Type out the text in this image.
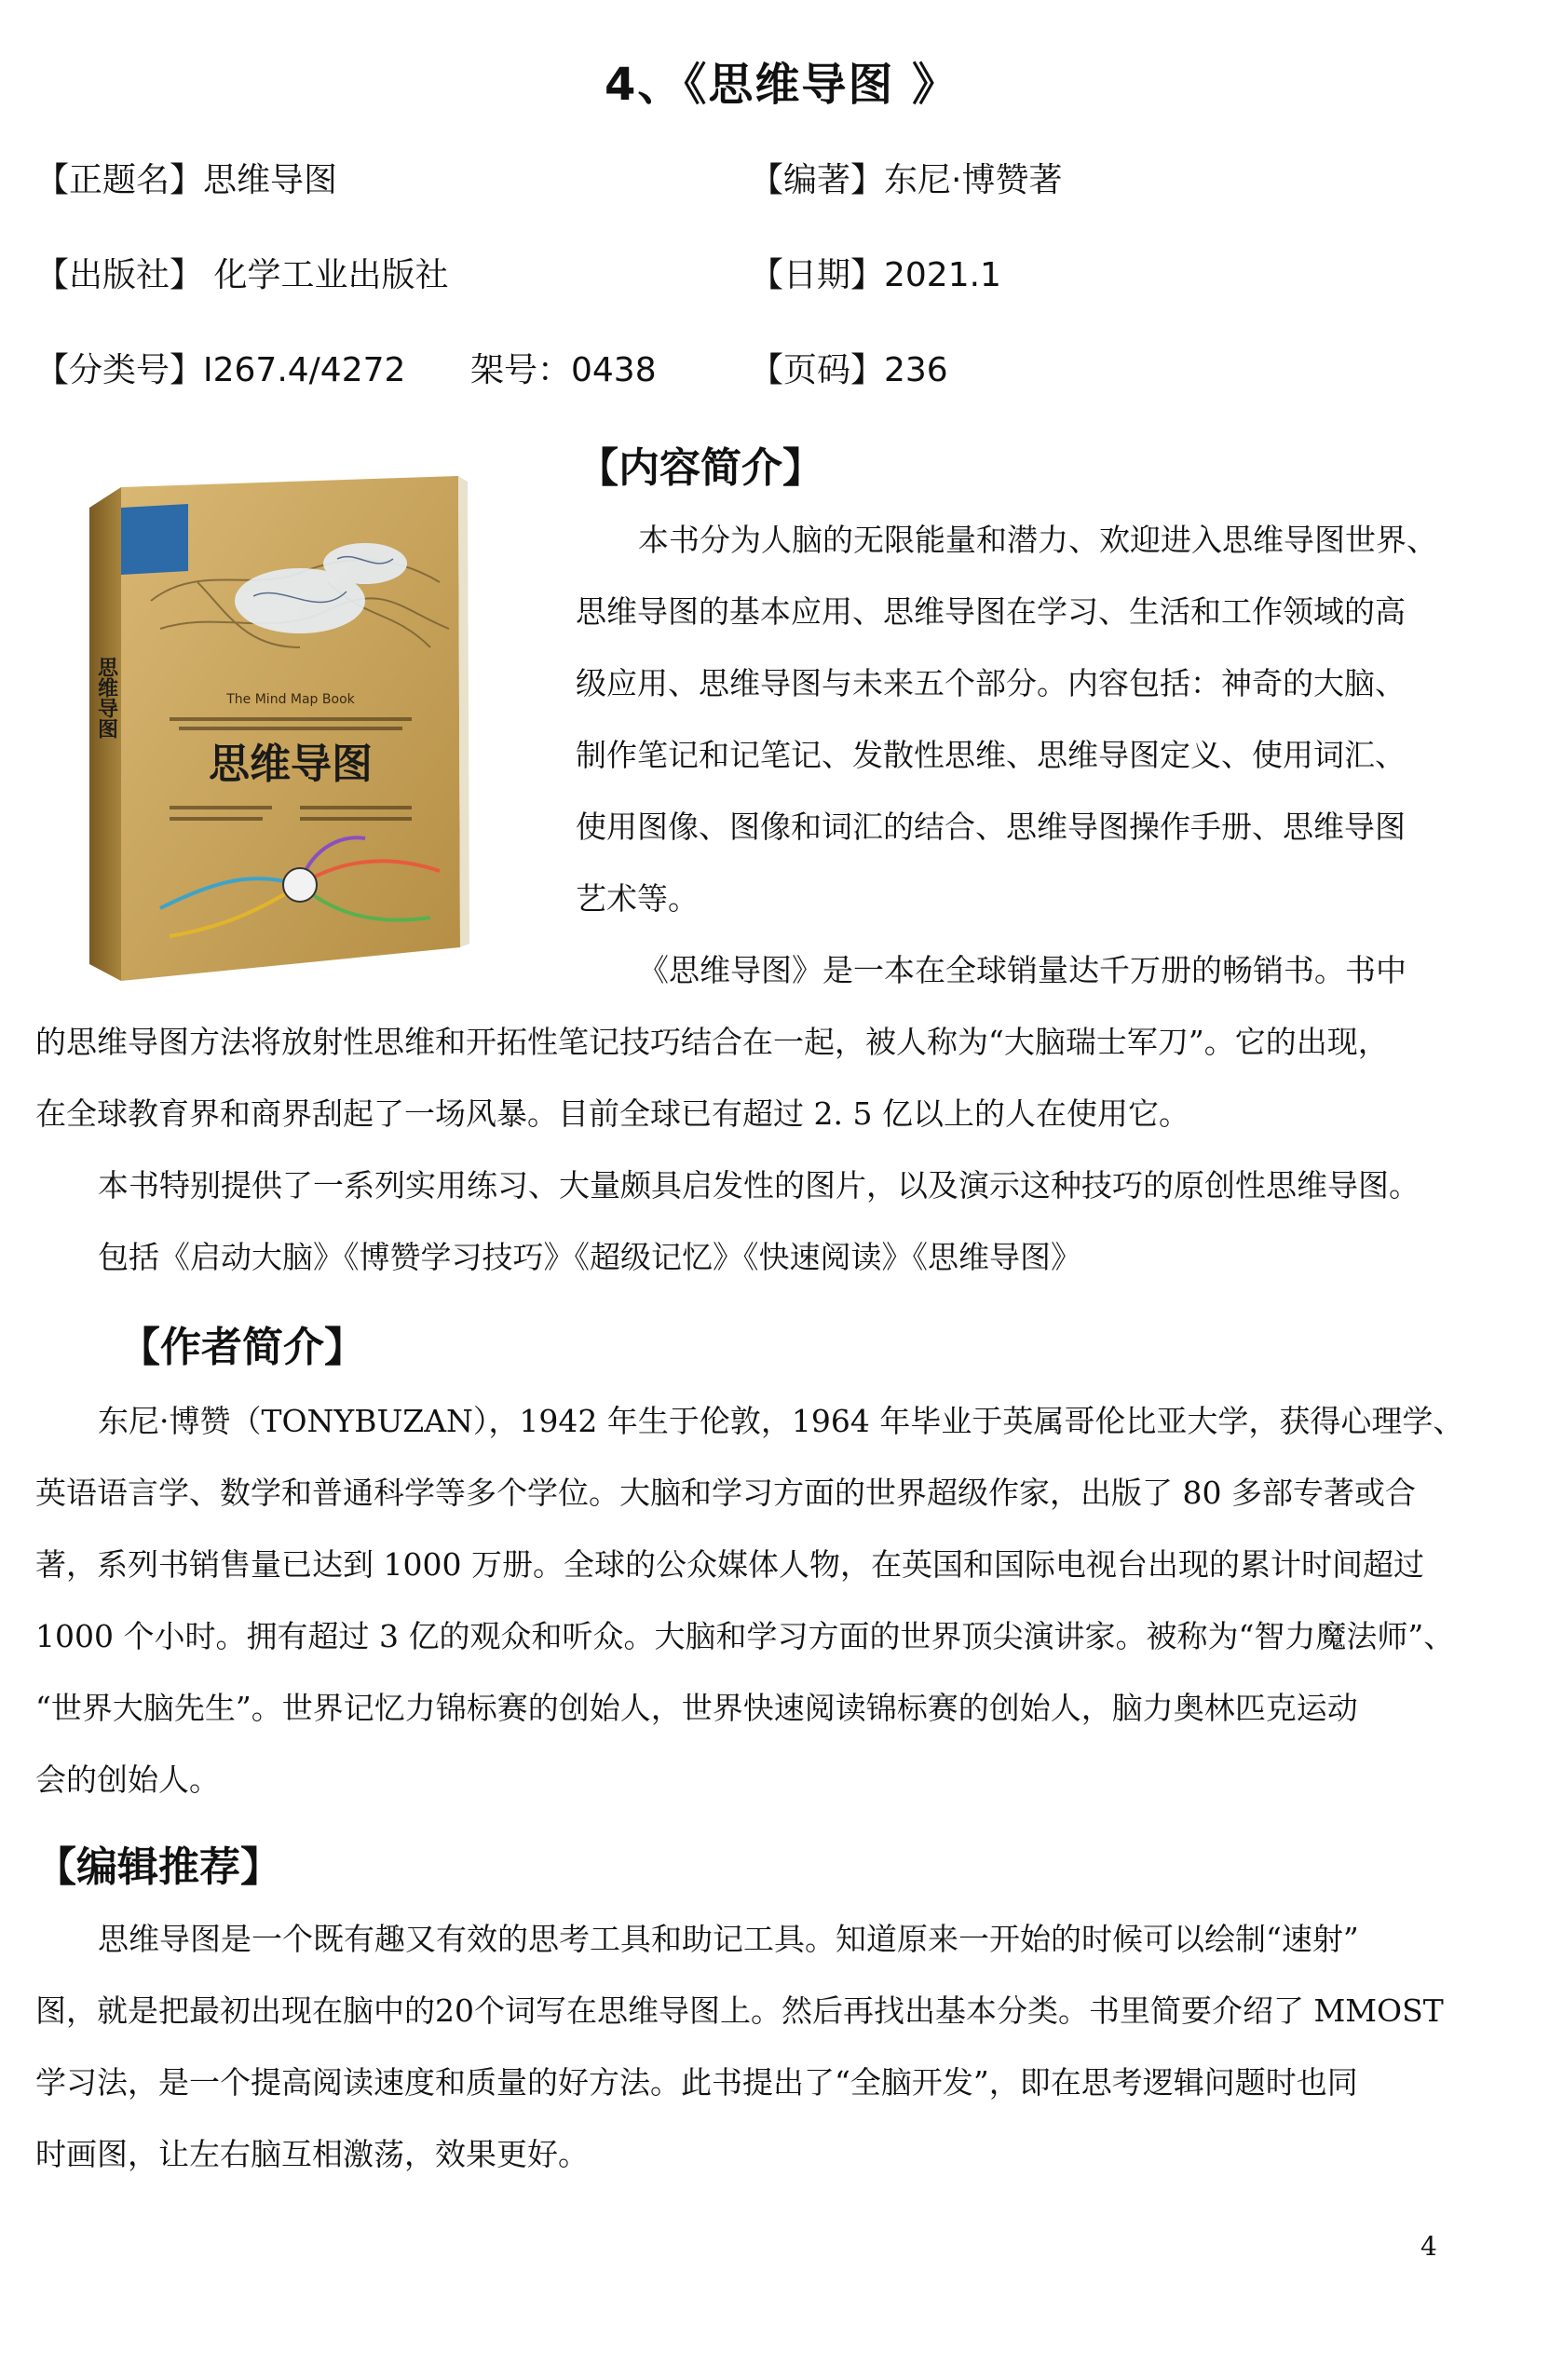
4、《思维导图 》
【正题名】思维导图	【编著】东尼·博赞著
【出版社】 化学工业出版社	【日期】2021.1
【分类号】I267.4/4272 架号：0438	【页码】236
【内容简介】
The Mind Map Book
思维导图
思维导图
本书分为人脑的无限能量和潜力、欢迎进入思维导图世界、
思维导图的基本应用、思维导图在学习、生活和工作领域的高
级应用、思维导图与未来五个部分。内容包括：神奇的大脑、
制作笔记和记笔记、发散性思维、思维导图定义、使用词汇、
使用图像、图像和词汇的结合、思维导图操作手册、思维导图
艺术等。
《思维导图》是一本在全球销量达千万册的畅销书。书中
的思维导图方法将放射性思维和开拓性笔记技巧结合在一起，被人称为“大脑瑞士军刀”。它的出现，
在全球教育界和商界刮起了一场风暴。目前全球已有超过 2. 5 亿以上的人在使用它。
本书特别提供了一系列实用练习、大量颇具启发性的图片，以及演示这种技巧的原创性思维导图。
包括《启动大脑》《博赞学习技巧》《超级记忆》《快速阅读》《思维导图》
【作者简介】
东尼·博赞（TONYBUZAN），1942 年生于伦敦，1964 年毕业于英属哥伦比亚大学，获得心理学、
英语语言学、数学和普通科学等多个学位。大脑和学习方面的世界超级作家，出版了 80 多部专著或合
著，系列书销售量已达到 1000 万册。全球的公众媒体人物，在英国和国际电视台出现的累计时间超过
1000 个小时。拥有超过 3 亿的观众和听众。大脑和学习方面的世界顶尖演讲家。被称为“智力魔法师”、
“世界大脑先生”。世界记忆力锦标赛的创始人，世界快速阅读锦标赛的创始人，脑力奥林匹克运动
会的创始人。
【编辑推荐】
思维导图是一个既有趣又有效的思考工具和助记工具。知道原来一开始的时候可以绘制“速射”
图，就是把最初出现在脑中的20个词写在思维导图上。然后再找出基本分类。书里简要介绍了 MMOST
学习法，是一个提高阅读速度和质量的好方法。此书提出了“全脑开发”，即在思考逻辑问题时也同
时画图，让左右脑互相激荡，效果更好。
4
